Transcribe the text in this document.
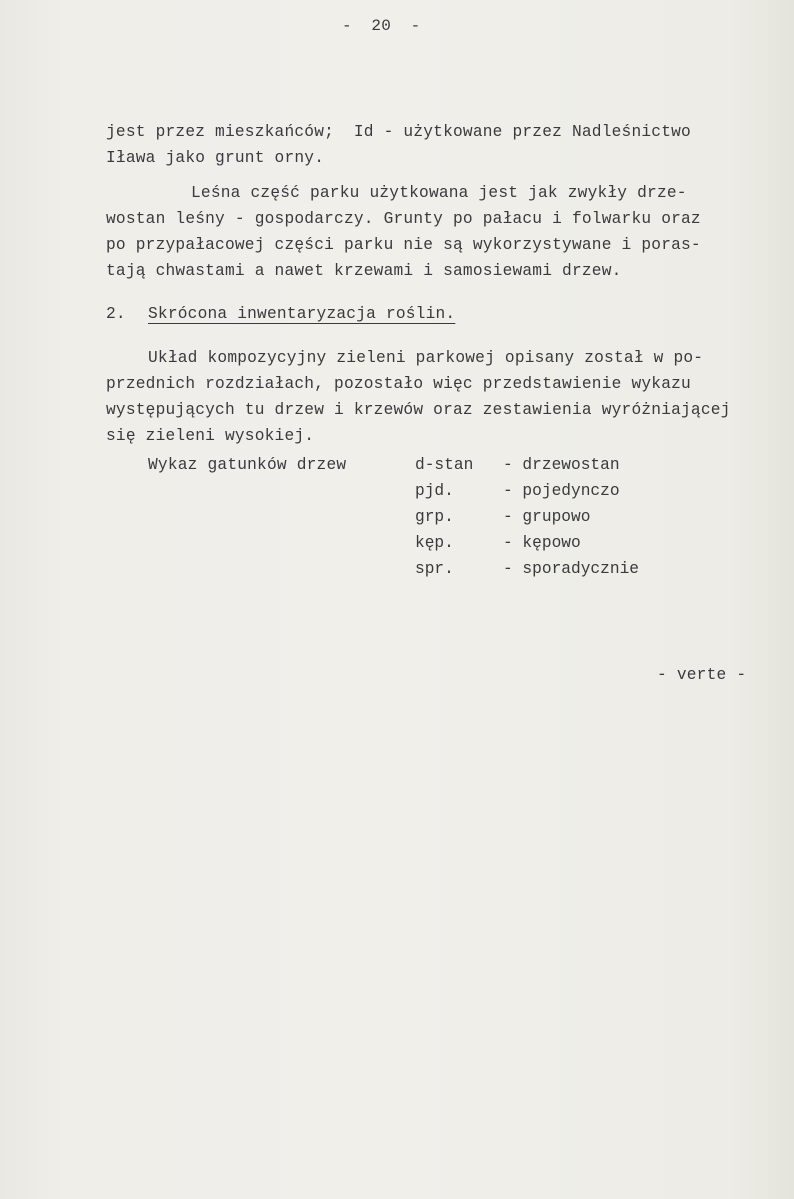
-  20  -
jest przez mieszkańców;  Id - użytkowane przez Nadleśnictwo
Iława jako grunt orny.
Leśna część parku użytkowana jest jak zwykły drze-
wostan leśny - gospodarczy. Grunty po pałacu i folwarku oraz
po przypałacowej części parku nie są wykorzystywane i poras-
tają chwastami a nawet krzewami i samosiewami drzew.
2. Skrócona inwentaryzacja roślin.
Układ kompozycyjny zieleni parkowej opisany został w po-
przednich rozdziałach, pozostało więc przedstawienie wykazu
występujących tu drzew i krzewów oraz zestawienia wyróżniającej
się zieleni wysokiej.
Wykaz gatunków drzew	d-stan - drzewostan
pjd.	- pojedynczo
grp.	- grupowo
kęp.	- kępowo
spr.	- sporadycznie
- verte -
